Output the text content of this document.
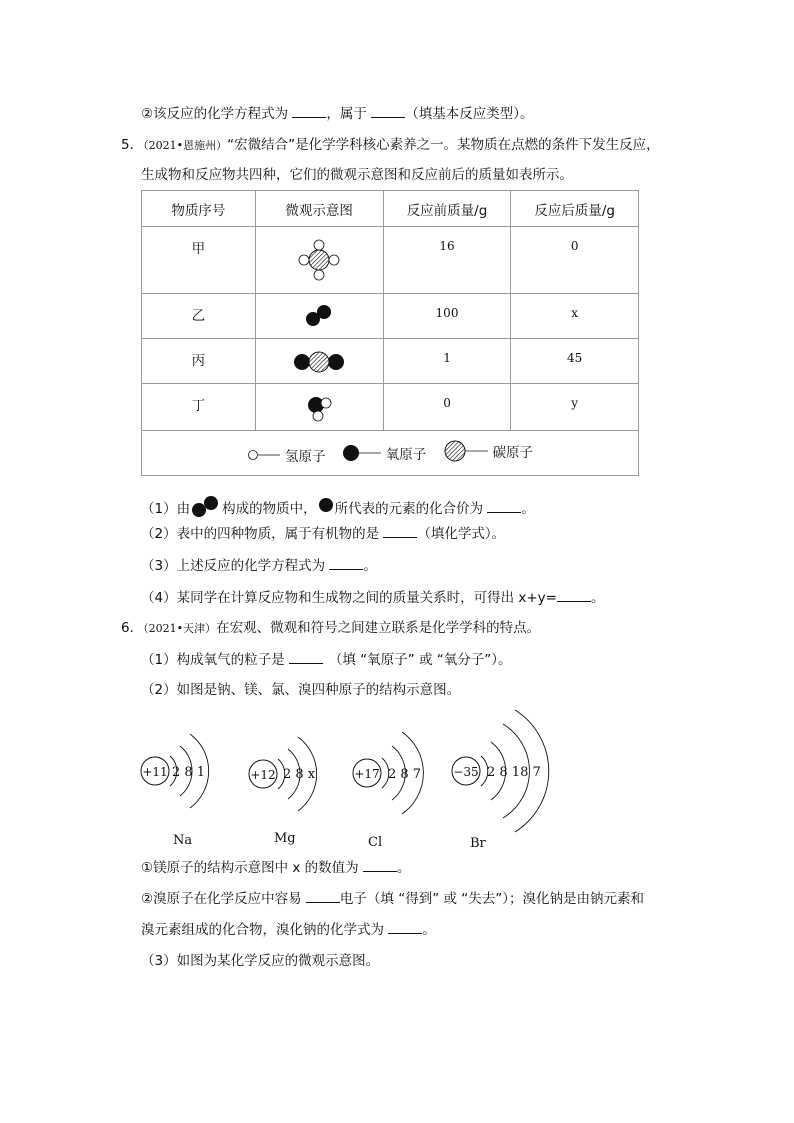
②该反应的化学方程式为	，属于	（填基本反应类型）。
5．（2021•恩施州）“宏微结合”是化学学科核心素养之一。某物质在点燃的条件下发生反应，
生成物和反应物共四种，它们的微观示意图和反应前后的质量如表所示。
物质序号	微观示意图	反应前质量/g	反应后质量/g
甲		16	0
乙		100	x
丙		1	45
丁		0	y

氢原子
氧原子
碳原子			
（1）由 构成的物质中， 所代表的元素的化合价为	。
（2）表中的四种物质，属于有机物的是	（填化学式）。
（3）上述反应的化学方程式为	。
（4）某同学在计算反应物和生成物之间的质量关系时，可得出 x+y=	。
6．（2021•天津）在宏观、微观和符号之间建立联系是化学学科的特点。
（1）构成氧气的粒子是	（填 “氧原子” 或 “氧分子”）。
（2）如图是钠、镁、氯、溴四种原子的结构示意图。
+11 2 8 1
Na
+12 2 8 x
Mg
+17 2 8 7
Cl
−35 2 8 18 7
Br
①镁原子的结构示意图中 x 的数值为	。
②溴原子在化学反应中容易	电子（填 “得到” 或 “失去”）；溴化钠是由钠元素和
溴元素组成的化合物，溴化钠的化学式为	。
（3）如图为某化学反应的微观示意图。
